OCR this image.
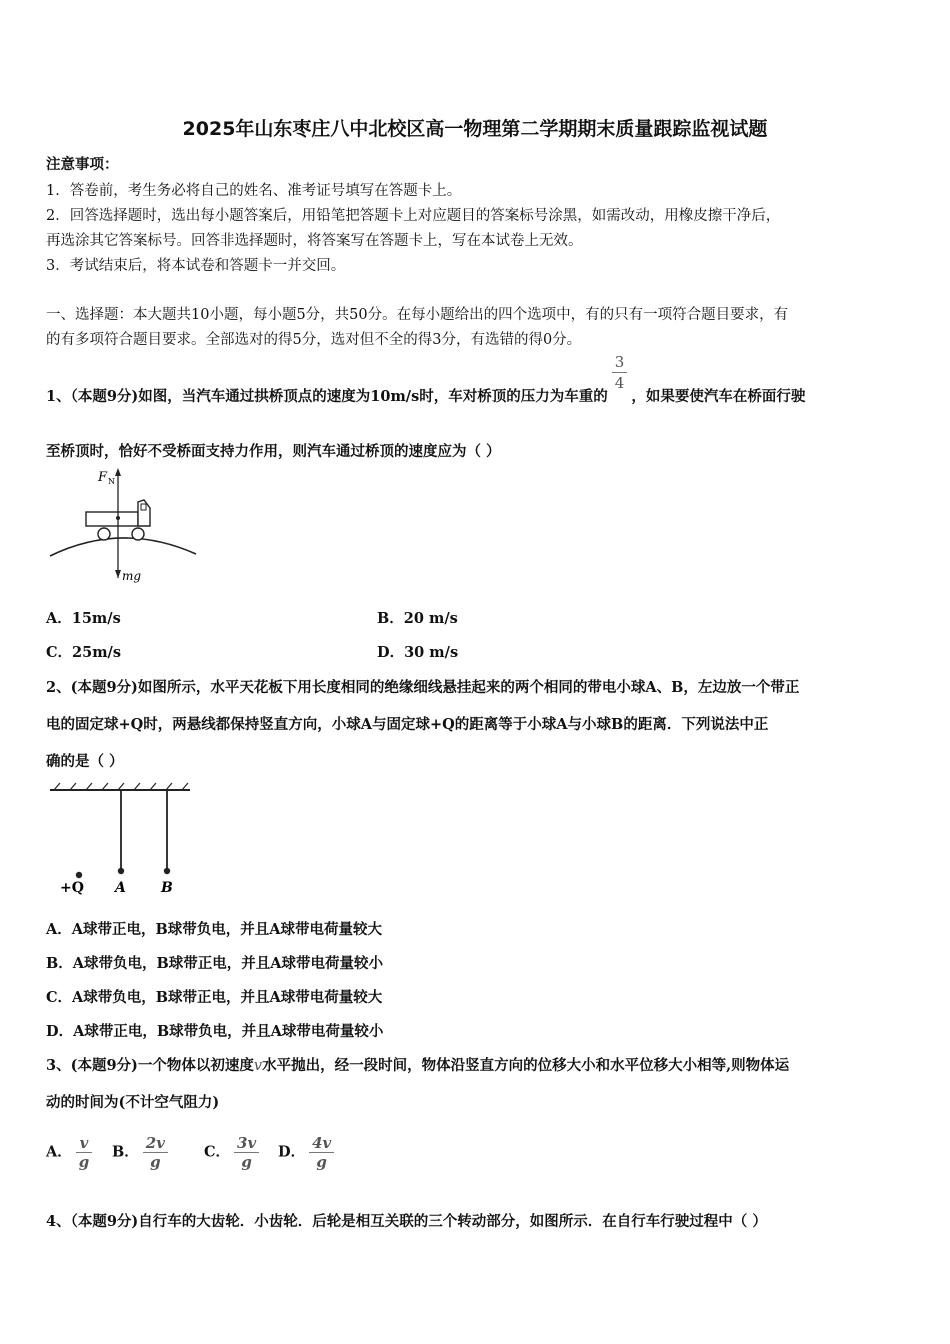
2025年山东枣庄八中北校区高一物理第二学期期末质量跟踪监视试题
注意事项：
1．答卷前，考生务必将自己的姓名、准考证号填写在答题卡上。
2．回答选择题时，选出每小题答案后，用铅笔把答题卡上对应题目的答案标号涂黑，如需改动，用橡皮擦干净后，
再选涂其它答案标号。回答非选择题时，将答案写在答题卡上，写在本试卷上无效。
3．考试结束后，将本试卷和答题卡一并交回。
一、选择题：本大题共10小题，每小题5分，共50分。在每小题给出的四个选项中，有的只有一项符合题目要求，有
的有多项符合题目要求。全部选对的得5分，选对但不全的得3分，有选错的得0分。
1、（本题9分)如图，当汽车通过拱桥顶点的速度为10m/s时，车对桥顶的压力为车重的
$\frac{3}{4}$
，如果要使汽车在桥面行驶
至桥顶时，恰好不受桥面支持力作用，则汽车通过桥顶的速度应为（ ）
F N
mg
A．15m/s	B．20 m/s
C．25m/s	D．30 m/s
2、(本题9分)如图所示，水平天花板下用长度相同的绝缘细线悬挂起来的两个相同的带电小球A、B，左边放一个带正
电的固定球+Q时，两悬线都保持竖直方向，小球A与固定球+Q的距离等于小球A与小球B的距离．下列说法中正
确的是（ ）
+Q A	B
A．A球带正电，B球带负电，并且A球带电荷量较大
B．A球带负电，B球带正电，并且A球带电荷量较小
C．A球带负电，B球带正电，并且A球带电荷量较大
D．A球带正电，B球带负电，并且A球带电荷量较小
3、(本题9分)一个物体以初速度v水平抛出，经一段时间，物体沿竖直方向的位移大小和水平位移大小相等,则物体运
动的时间为(不计空气阻力)
A． $\frac{v}{g}$ B． $\frac{2v}{g}$ C． $\frac{3v}{g}$ D． $\frac{4v}{g}$
4、（本题9分)自行车的大齿轮．小齿轮．后轮是相互关联的三个转动部分，如图所示．在自行车行驶过程中（ ）
